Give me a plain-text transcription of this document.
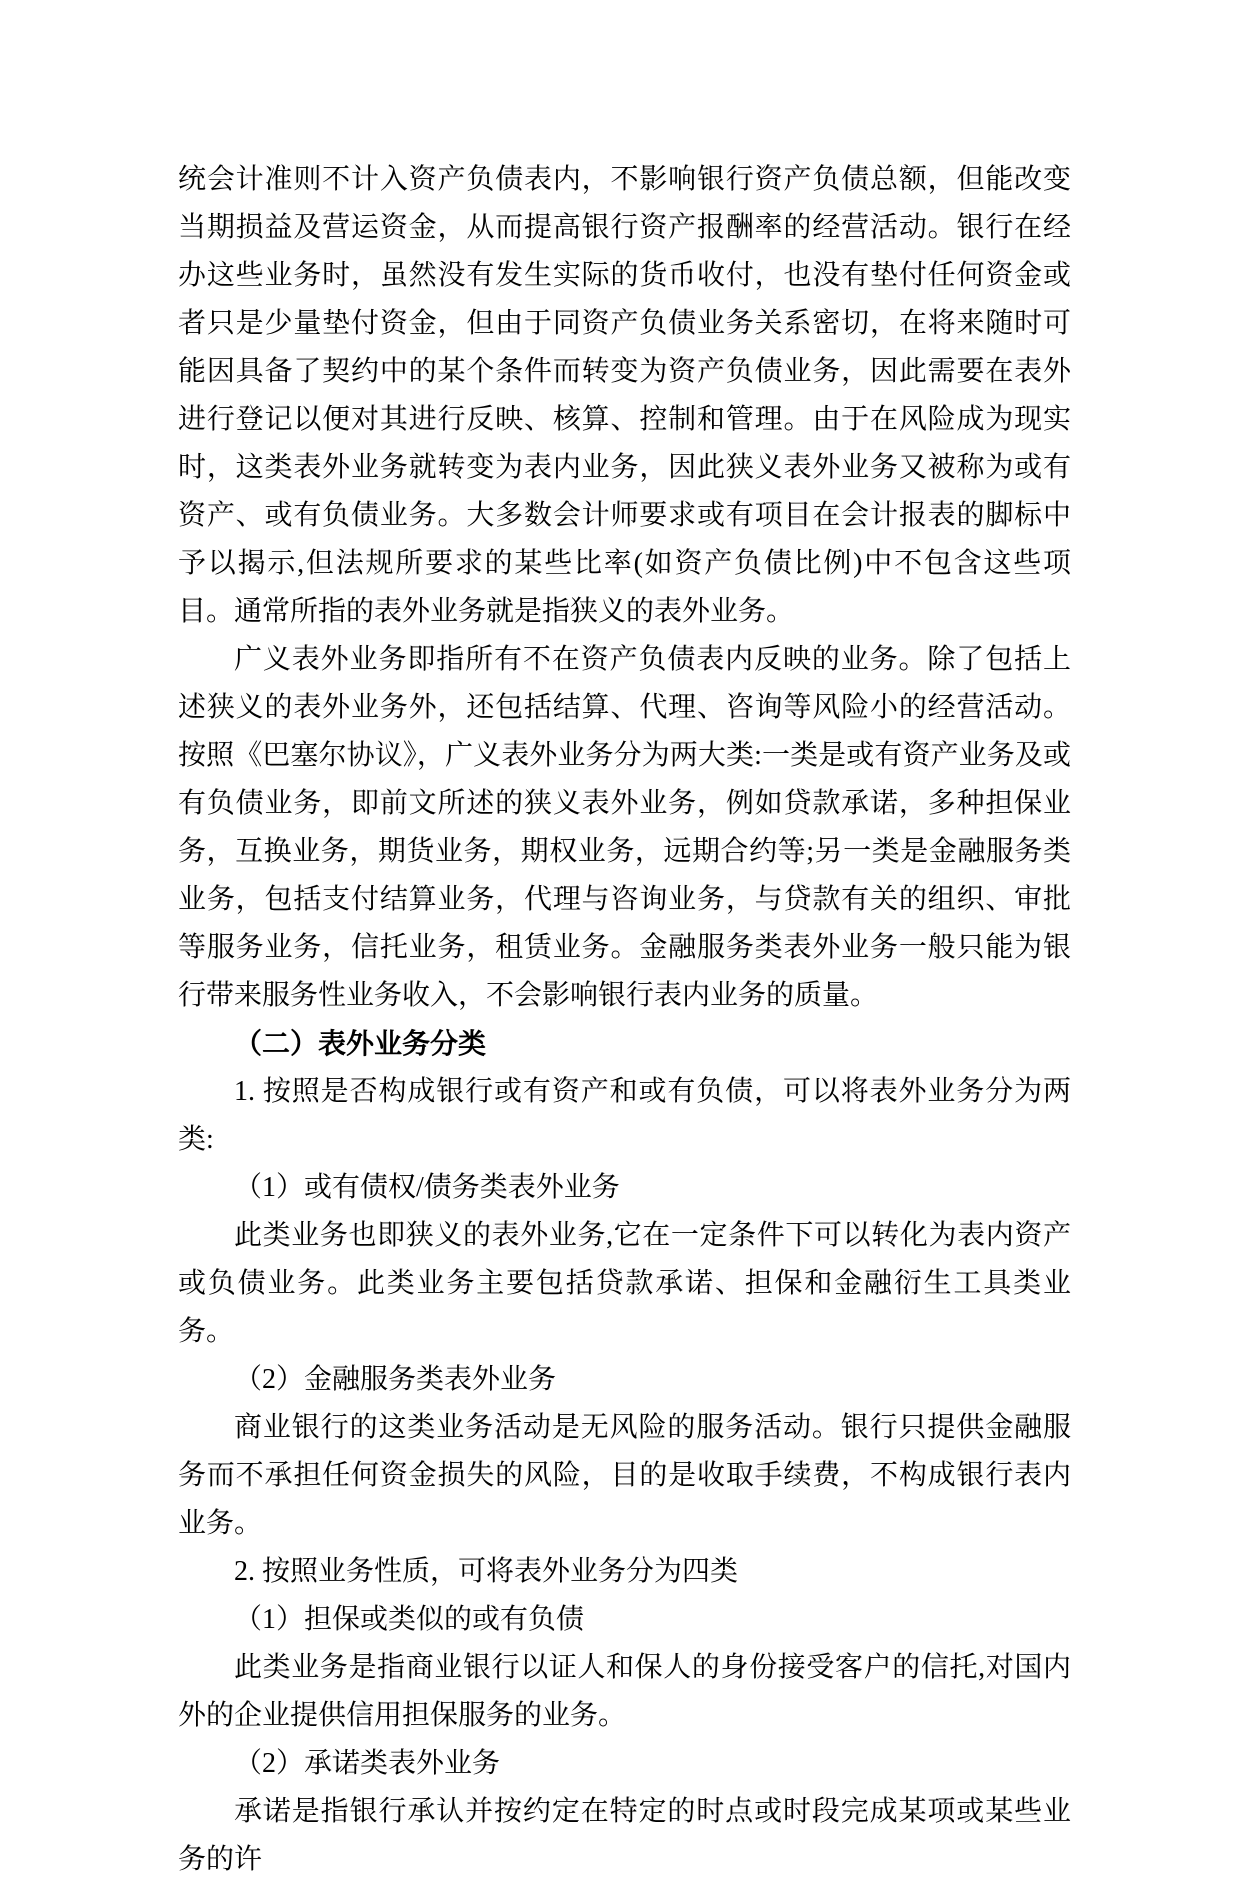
统会计准则不计入资产负债表内，不影响银行资产负债总额，但能改变当期损益及营运资金，从而提高银行资产报酬率的经营活动。银行在经办这些业务时，虽然没有发生实际的货币收付，也没有垫付任何资金或者只是少量垫付资金，但由于同资产负债业务关系密切，在将来随时可能因具备了契约中的某个条件而转变为资产负债业务，因此需要在表外进行登记以便对其进行反映、核算、控制和管理。由于在风险成为现实时，这类表外业务就转变为表内业务，因此狭义表外业务又被称为或有资产、或有负债业务。大多数会计师要求或有项目在会计报表的脚标中予以揭示,但法规所要求的某些比率(如资产负债比例)中不包含这些项目。通常所指的表外业务就是指狭义的表外业务。

广义表外业务即指所有不在资产负债表内反映的业务。除了包括上述狭义的表外业务外，还包括结算、代理、咨询等风险小的经营活动。按照《巴塞尔协议》，广义表外业务分为两大类:一类是或有资产业务及或有负债业务，即前文所述的狭义表外业务，例如贷款承诺，多种担保业务，互换业务，期货业务，期权业务，远期合约等;另一类是金融服务类业务，包括支付结算业务，代理与咨询业务，与贷款有关的组织、审批等服务业务，信托业务，租赁业务。金融服务类表外业务一般只能为银行带来服务性业务收入，不会影响银行表内业务的质量。

（二）表外业务分类

1. 按照是否构成银行或有资产和或有负债，可以将表外业务分为两类:

（1）或有债权/债务类表外业务

此类业务也即狭义的表外业务,它在一定条件下可以转化为表内资产或负债业务。此类业务主要包括贷款承诺、担保和金融衍生工具类业务。

（2）金融服务类表外业务

商业银行的这类业务活动是无风险的服务活动。银行只提供金融服务而不承担任何资金损失的风险，目的是收取手续费，不构成银行表内业务。

2. 按照业务性质，可将表外业务分为四类

（1）担保或类似的或有负债

此类业务是指商业银行以证人和保人的身份接受客户的信托,对国内外的企业提供信用担保服务的业务。

（2）承诺类表外业务

承诺是指银行承认并按约定在特定的时点或时段完成某项或某些业务的许
